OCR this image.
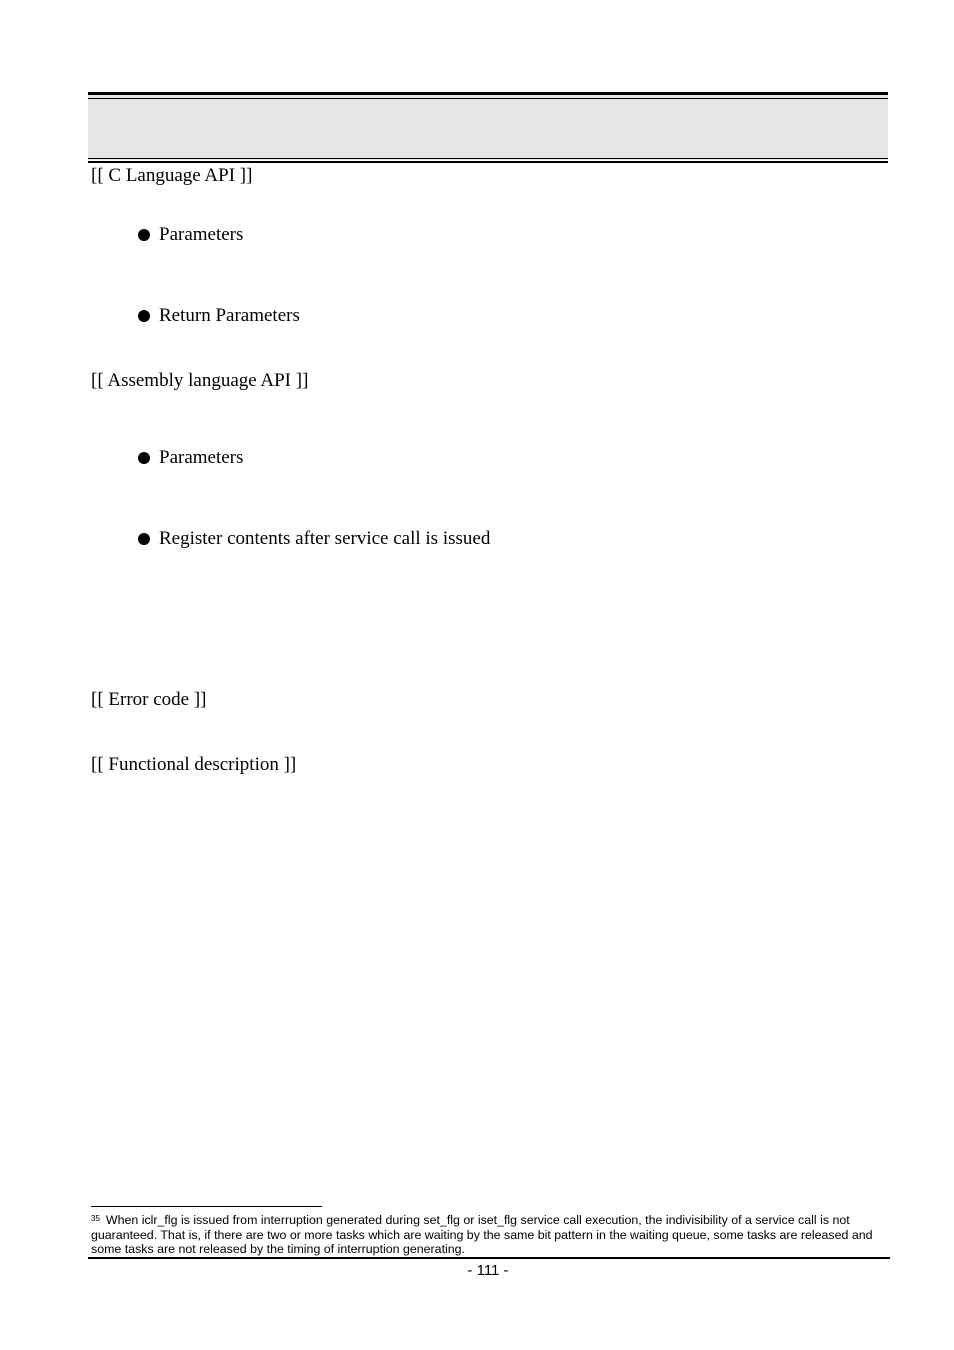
[[ C Language API ]]
Parameters
Return Parameters
[[ Assembly language API ]]
Parameters
Register contents after service call is issued
[[ Error code ]]
[[ Functional description ]]
$^{35}$ When iclr_flg is issued from interruption generated during set_flg or iset_flg service call execution, the indivisibility of a service call is not guaranteed. That is, if there are two or more tasks which are waiting by the same bit pattern in the waiting queue, some tasks are released and some tasks are not released by the timing of interruption generating.
- 111 -
